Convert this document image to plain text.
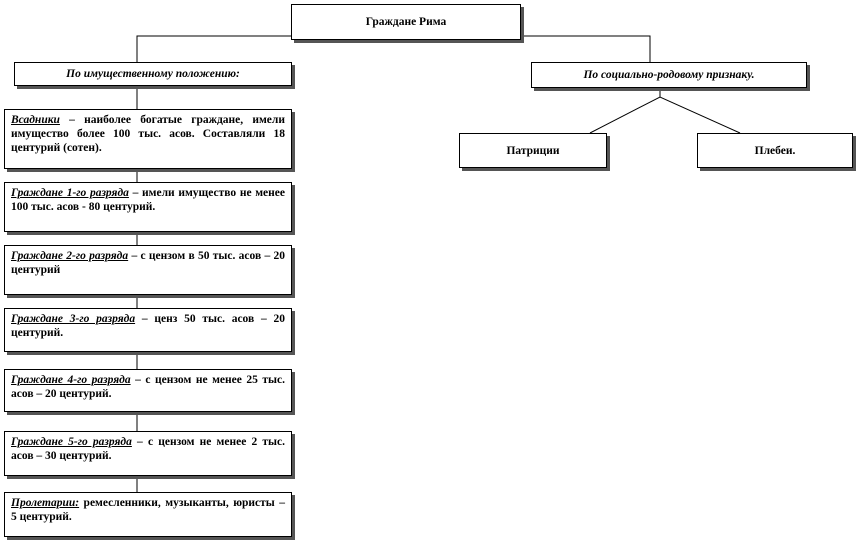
Граждане Рима
По имущественному положению:	По социально-родовому признаку.
Патриции	Плебеи.
Всадники – наиболее богатые граждане, имели имущество более 100 тыс. асов. Составляли 18 центурий (сотен).
Граждане 1-го разряда – имели имущество не менее 100 тыс. асов - 80 центурий.
Граждане 2-го разряда – с цензом в 50 тыс. асов – 20 центурий
Граждане 3-го разряда – ценз 50 тыс. асов – 20 центурий.
Граждане 4-го разряда – с цензом не менее 25 тыс. асов – 20 центурий.
Граждане 5-го разряда – с цензом не менее 2 тыс. асов – 30 центурий.
Пролетарии: ремесленники, музыканты, юристы – 5 центурий.
